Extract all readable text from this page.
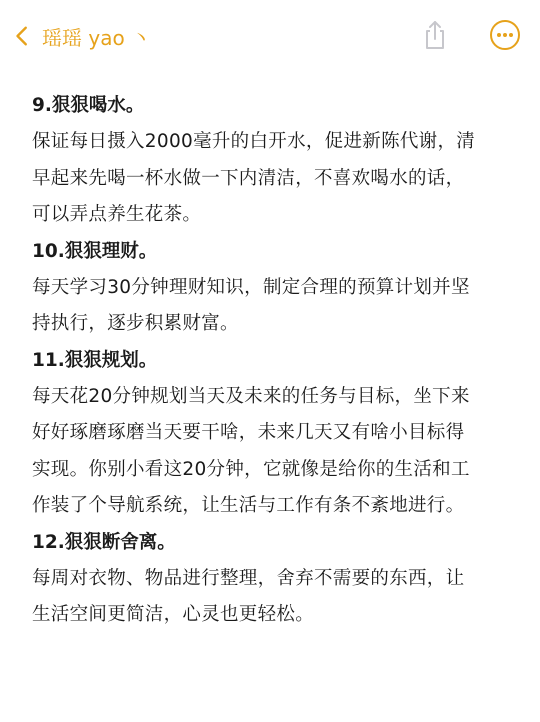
瑶瑶 yao 丶

9.狠狠喝水。

保证每日摄入2000毫升的白开水，促进新陈代谢，清

早起来先喝一杯水做一下内清洁，不喜欢喝水的话，

可以弄点养生花茶。

10.狠狠理财。

每天学习30分钟理财知识，制定合理的预算计划并坚

持执行，逐步积累财富。

11.狠狠规划。

每天花20分钟规划当天及未来的任务与目标，坐下来

好好琢磨琢磨当天要干啥，未来几天又有啥小目标得

实现。你别小看这20分钟，它就像是给你的生活和工

作装了个导航系统，让生活与工作有条不紊地进行。

12.狠狠断舍离。

每周对衣物、物品进行整理，舍弃不需要的东西，让

生活空间更简洁，心灵也更轻松。
